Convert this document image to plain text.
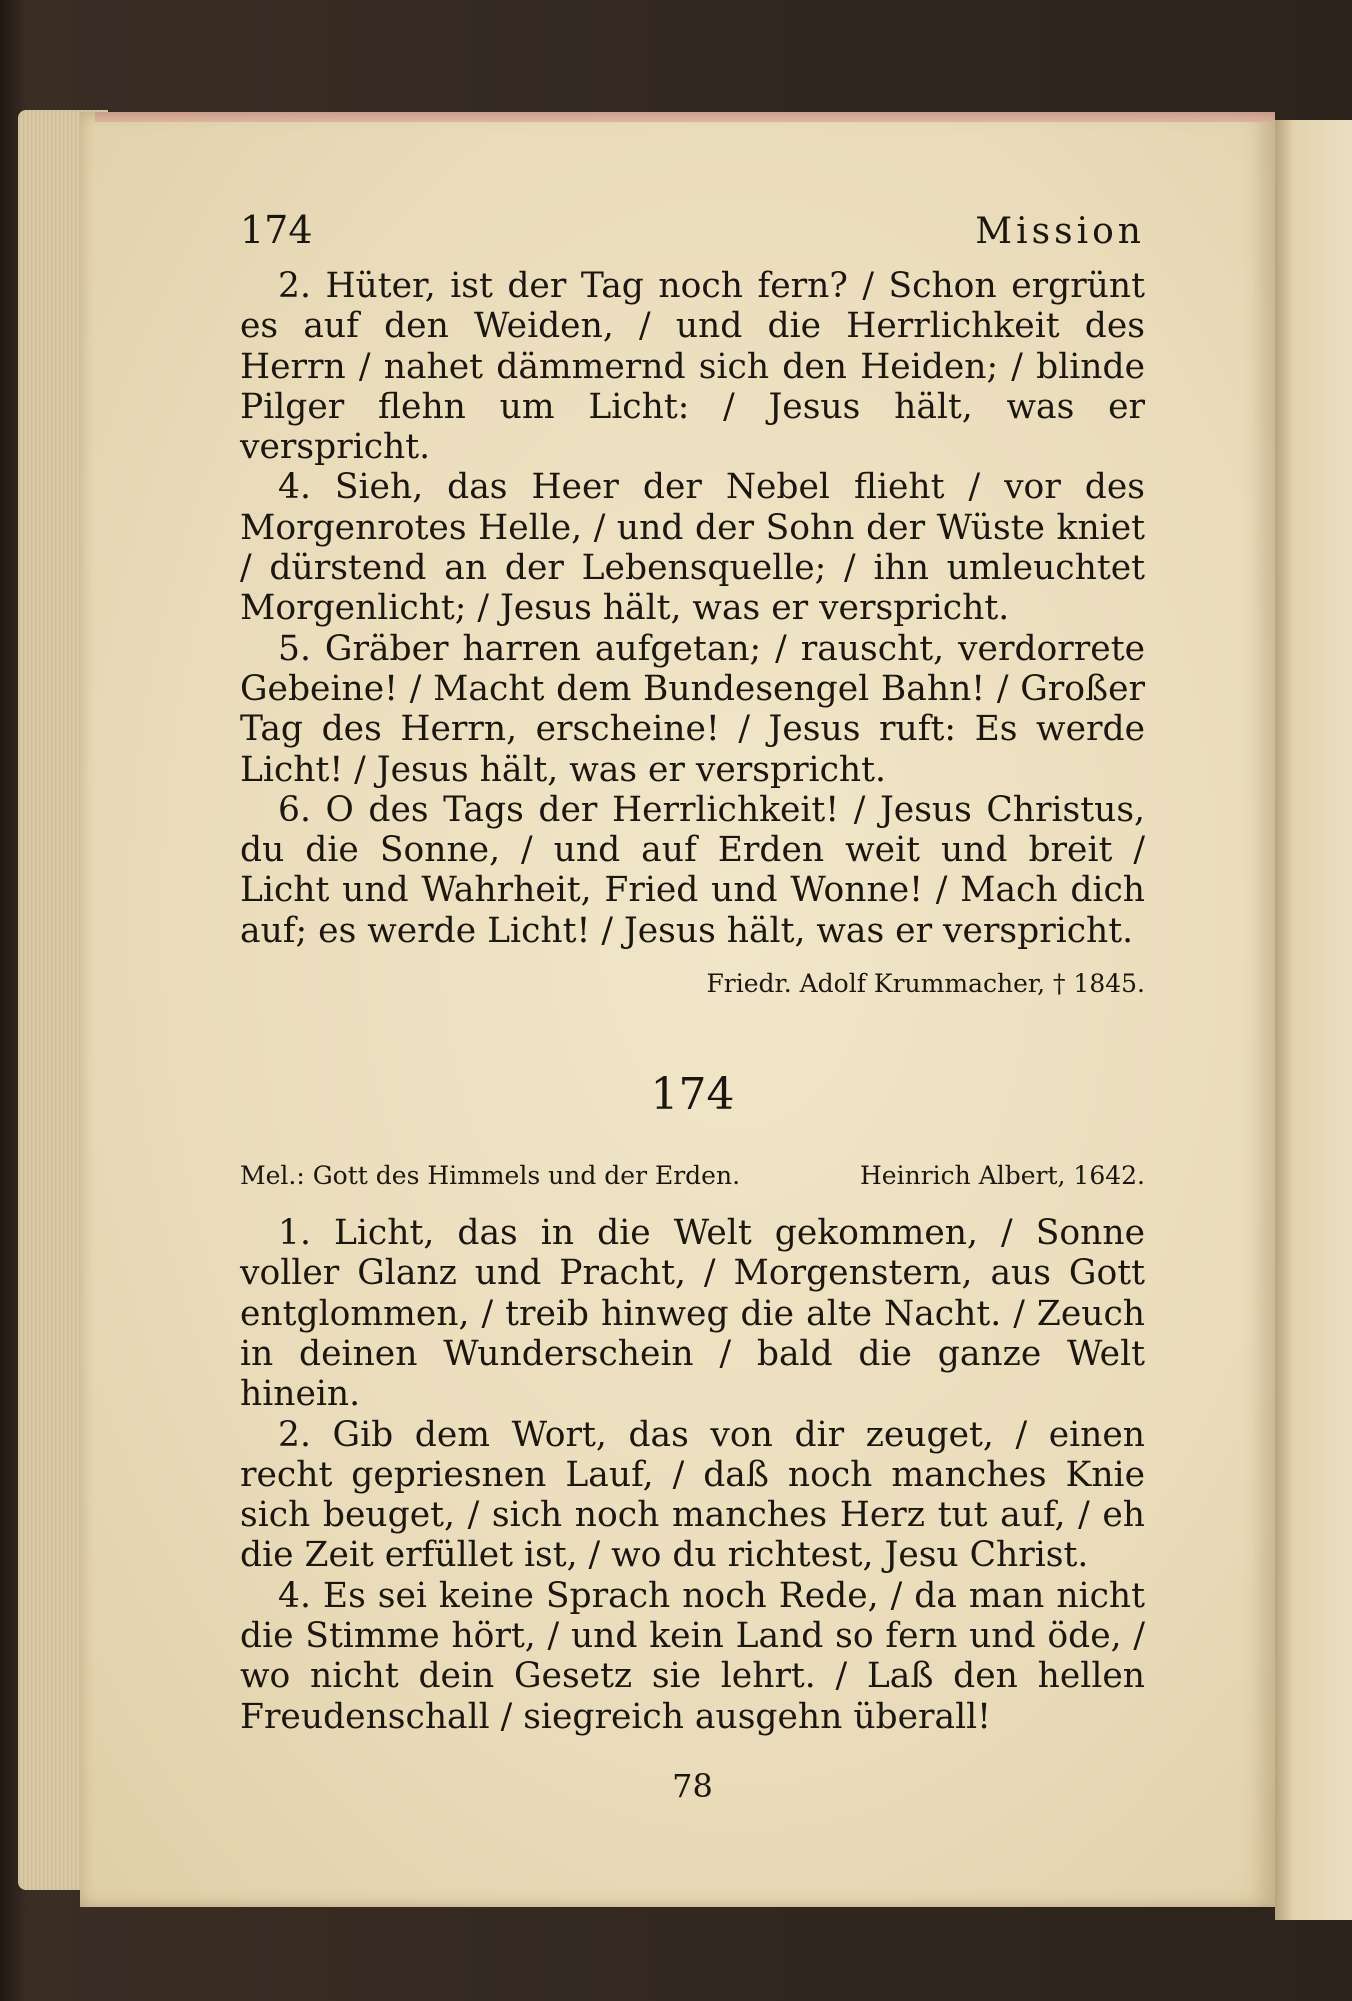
174	Mission

2. Hüter, ist der Tag noch fern? / Schon ergrünt es auf den Weiden, / und die Herrlichkeit des Herrn / nahet dämmernd sich den Heiden; / blinde Pilger flehn um Licht: / Jesus hält, was er verspricht.

4. Sieh, das Heer der Nebel flieht / vor des Morgenrotes Helle, / und der Sohn der Wüste kniet / dürstend an der Lebensquelle; / ihn umleuchtet Morgenlicht; / Jesus hält, was er verspricht.

5. Gräber harren aufgetan; / rauscht, verdorrete Gebeine! / Macht dem Bundesengel Bahn! / Großer Tag des Herrn, erscheine! / Jesus ruft: Es werde Licht! / Jesus hält, was er verspricht.

6. O des Tags der Herrlichkeit! / Jesus Christus, du die Sonne, / und auf Erden weit und breit / Licht und Wahrheit, Fried und Wonne! / Mach dich auf; es werde Licht! / Jesus hält, was er verspricht.

Friedr. Adolf Krummacher, † 1845.
174
Mel.: Gott des Himmels und der Erden.	Heinrich Albert, 1642.

1. Licht, das in die Welt gekommen, / Sonne voller Glanz und Pracht, / Morgenstern, aus Gott entglommen, / treib hinweg die alte Nacht. / Zeuch in deinen Wunderschein / bald die ganze Welt hinein.

2. Gib dem Wort, das von dir zeuget, / einen recht gepriesnen Lauf, / daß noch manches Knie sich beuget, / sich noch manches Herz tut auf, / eh die Zeit erfüllet ist, / wo du richtest, Jesu Christ.

4. Es sei keine Sprach noch Rede, / da man nicht die Stimme hört, / und kein Land so fern und öde, / wo nicht dein Gesetz sie lehrt. / Laß den hellen Freudenschall / siegreich ausgehn überall!

78
